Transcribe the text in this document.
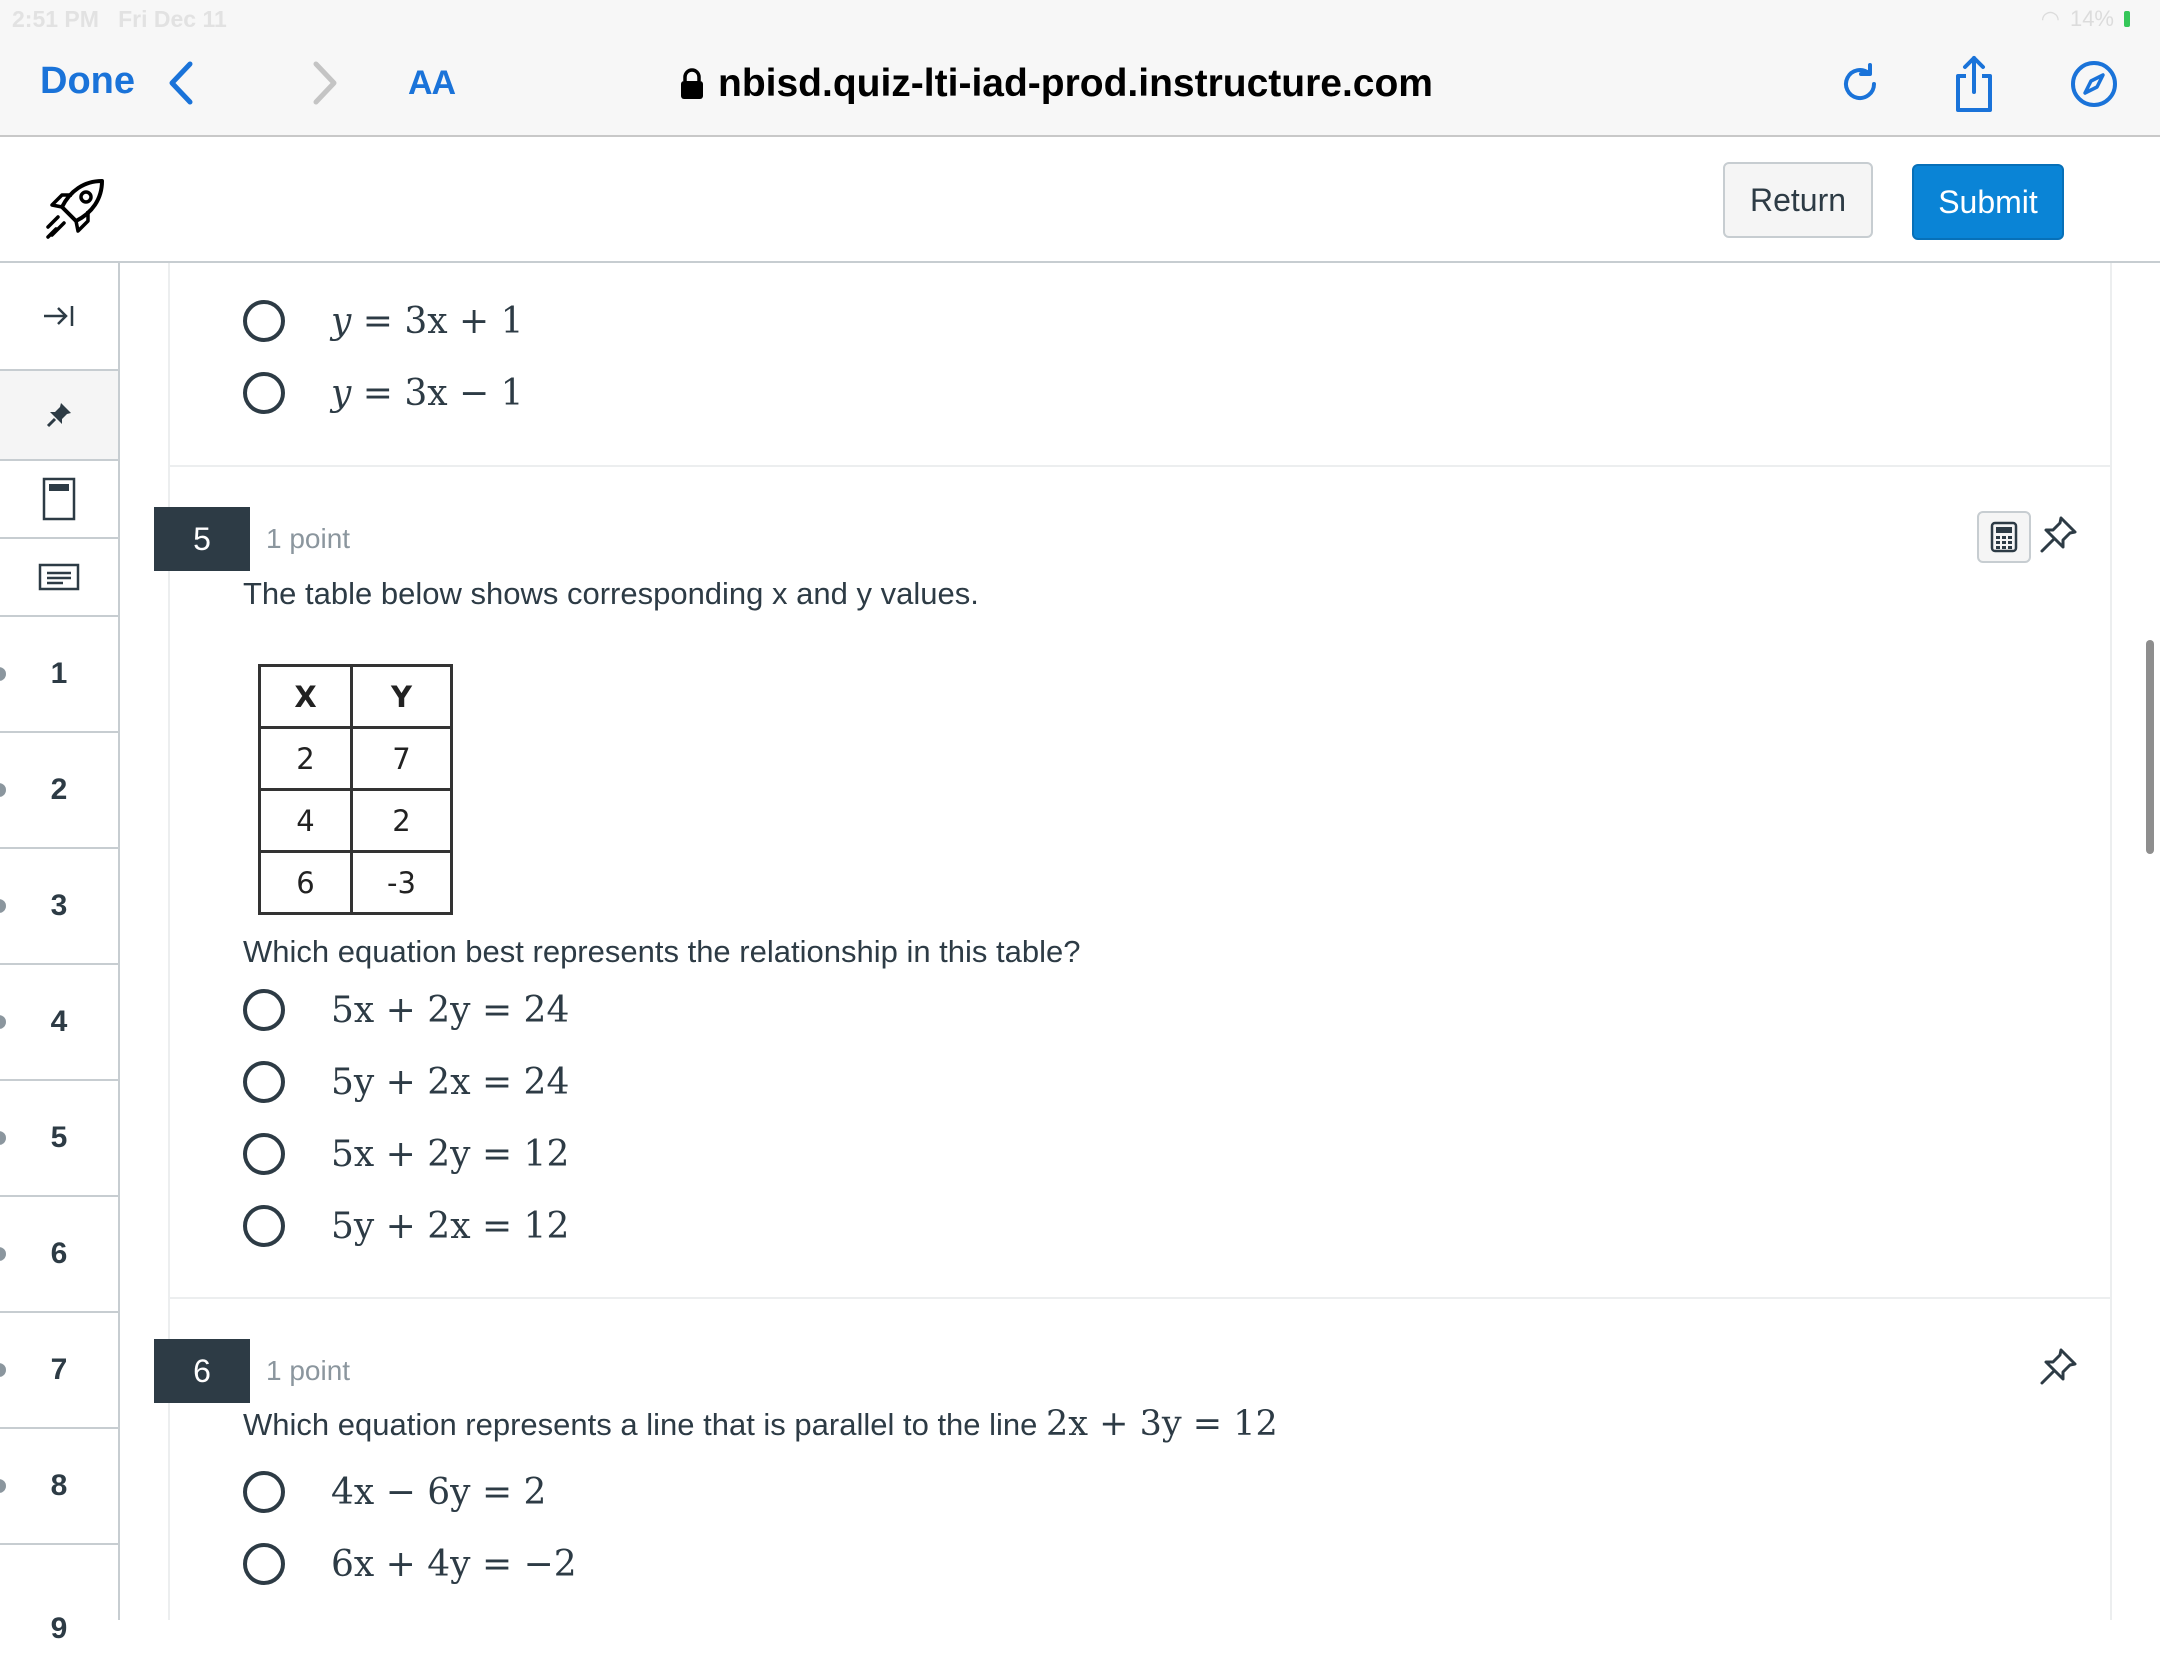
2:51 PM Fri Dec 11	◠ 14%
Done	AA	nbisd.quiz-lti-iad-prod.instructure.com
Return	Submit
1
2
3
4
5
6
7
8
9
y = 3x + 1
y = 3x − 1
5	1 point
The table below shows corresponding x and y values.
X	Y
2	7
4	2
6	-3
Which equation best represents the relationship in this table?
5x + 2y = 24
5y + 2x = 24
5x + 2y = 12
5y + 2x = 12
6	1 point
Which equation represents a line that is parallel to the line 2x + 3y = 12
4x − 6y = 2
6x + 4y = −2
